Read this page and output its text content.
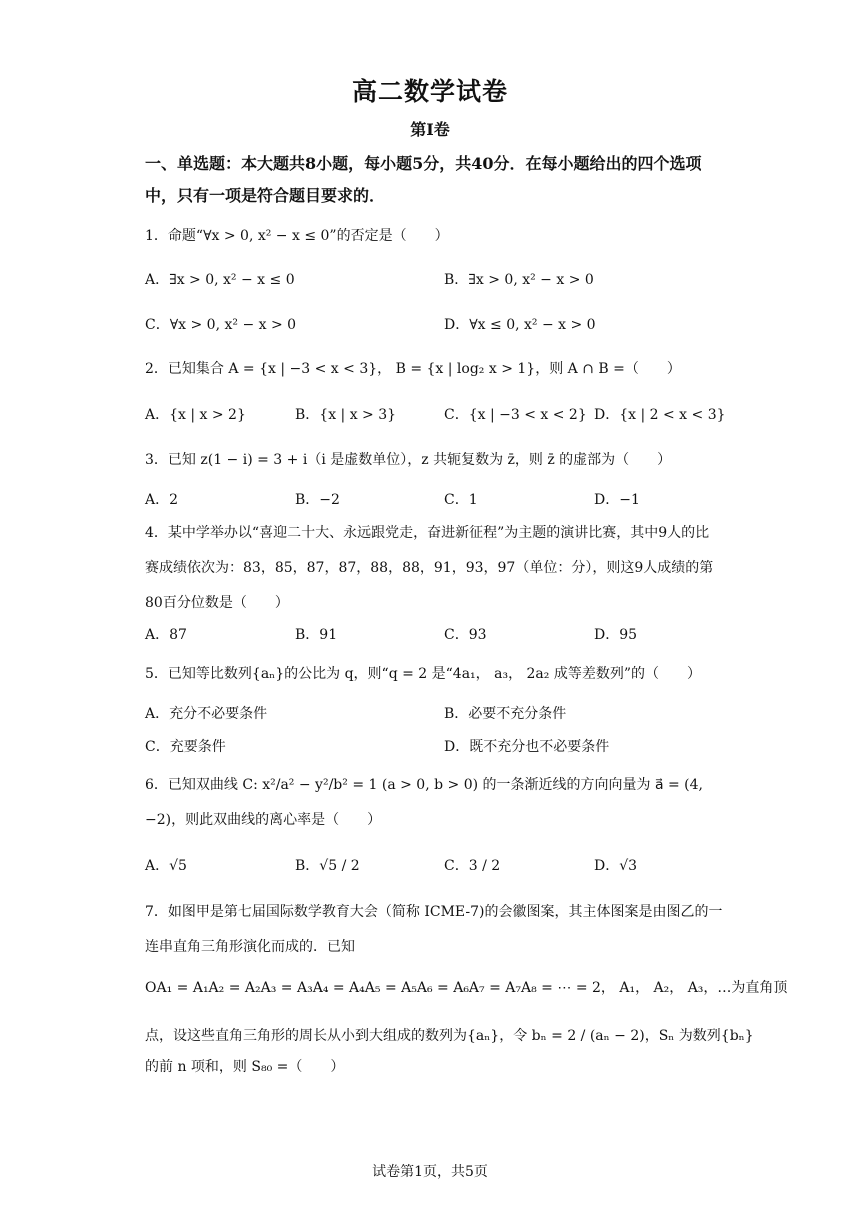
高二数学试卷
第Ⅰ卷
一、单选题：本大题共8小题，每小题5分，共40分．在每小题给出的四个选项中，只有一项是符合题目要求的．
1．命题“∀x > 0, x² − x ≤ 0”的否定是（　　）
A．∃x > 0, x² − x ≤ 0	B．∃x > 0, x² − x > 0
C．∀x > 0, x² − x > 0	D．∀x ≤ 0, x² − x > 0
2．已知集合 A = {x | −3 < x < 3}， B = {x | log₂ x > 1}，则 A ∩ B =（　　）
A．{x | x > 2}	B．{x | x > 3}	C．{x | −3 < x < 2} D．{x | 2 < x < 3}
3．已知 z(1 − i) = 3 + i（i 是虚数单位），z 共轭复数为 z̄，则 z̄ 的虚部为（　　）
A．2	B．−2	C．1	D．−1
4．某中学举办以“喜迎二十大、永远跟党走，奋进新征程”为主题的演讲比赛，其中9人的比赛成绩依次为：83，85，87，87，88，88，91，93，97（单位：分），则这9人成绩的第80百分位数是（　　）
A．87	B．91	C．93	D．95
5．已知等比数列{aₙ}的公比为 q，则“q = 2 是“4a₁， a₃， 2a₂ 成等差数列”的（　　）
A．充分不必要条件	B．必要不充分条件
C．充要条件	D．既不充分也不必要条件
6．已知双曲线 C: x²/a² − y²/b² = 1 (a > 0, b > 0) 的一条渐近线的方向向量为 a⃗ = (4, −2)，则此双曲线的离心率是（　　）
A．√5	B．√5 / 2	C．3 / 2	D．√3
7．如图甲是第七届国际数学教育大会（简称 ICME-7)的会徽图案，其主体图案是由图乙的一连串直角三角形演化而成的．已知
OA₁ = A₁A₂ = A₂A₃ = A₃A₄ = A₄A₅ = A₅A₆ = A₆A₇ = A₇A₈ = ⋯ = 2， A₁， A₂， A₃，…为直角顶
点，设这些直角三角形的周长从小到大组成的数列为{aₙ}，令 bₙ = 2 / (aₙ − 2)，Sₙ 为数列{bₙ}
的前 n 项和，则 S₈₀ =（　　）
试卷第1页，共5页
